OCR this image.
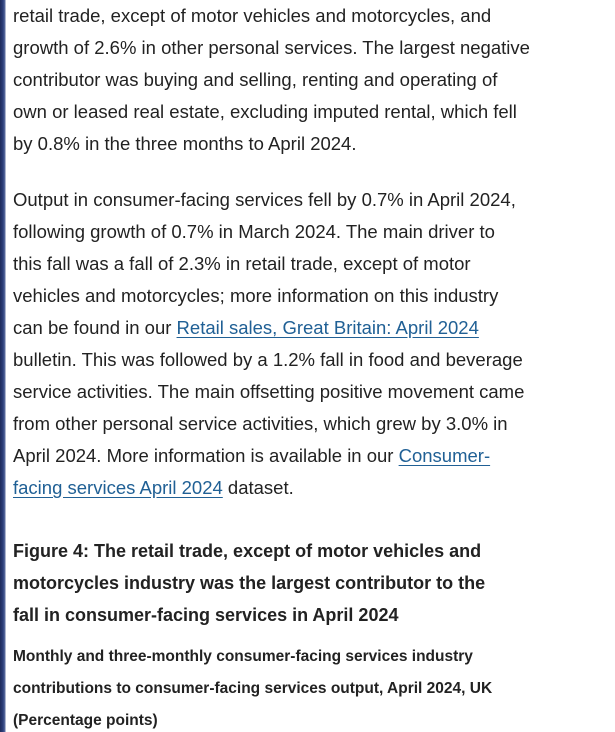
retail trade, except of motor vehicles and motorcycles, and
growth of 2.6% in other personal services. The largest negative
contributor was buying and selling, renting and operating of
own or leased real estate, excluding imputed rental, which fell
by 0.8% in the three months to April 2024.

Output in consumer-facing services fell by 0.7% in April 2024,
following growth of 0.7% in March 2024. The main driver to
this fall was a fall of 2.3% in retail trade, except of motor
vehicles and motorcycles; more information on this industry
can be found in our Retail sales, Great Britain: April 2024
bulletin. This was followed by a 1.2% fall in food and beverage
service activities. The main offsetting positive movement came
from other personal service activities, which grew by 3.0% in
April 2024. More information is available in our Consumer-
facing services April 2024 dataset.

Figure 4: The retail trade, except of motor vehicles and
motorcycles industry was the largest contributor to the
fall in consumer-facing services in April 2024
Monthly and three-monthly consumer-facing services industry
contributions to consumer-facing services output, April 2024, UK
(Percentage points)
